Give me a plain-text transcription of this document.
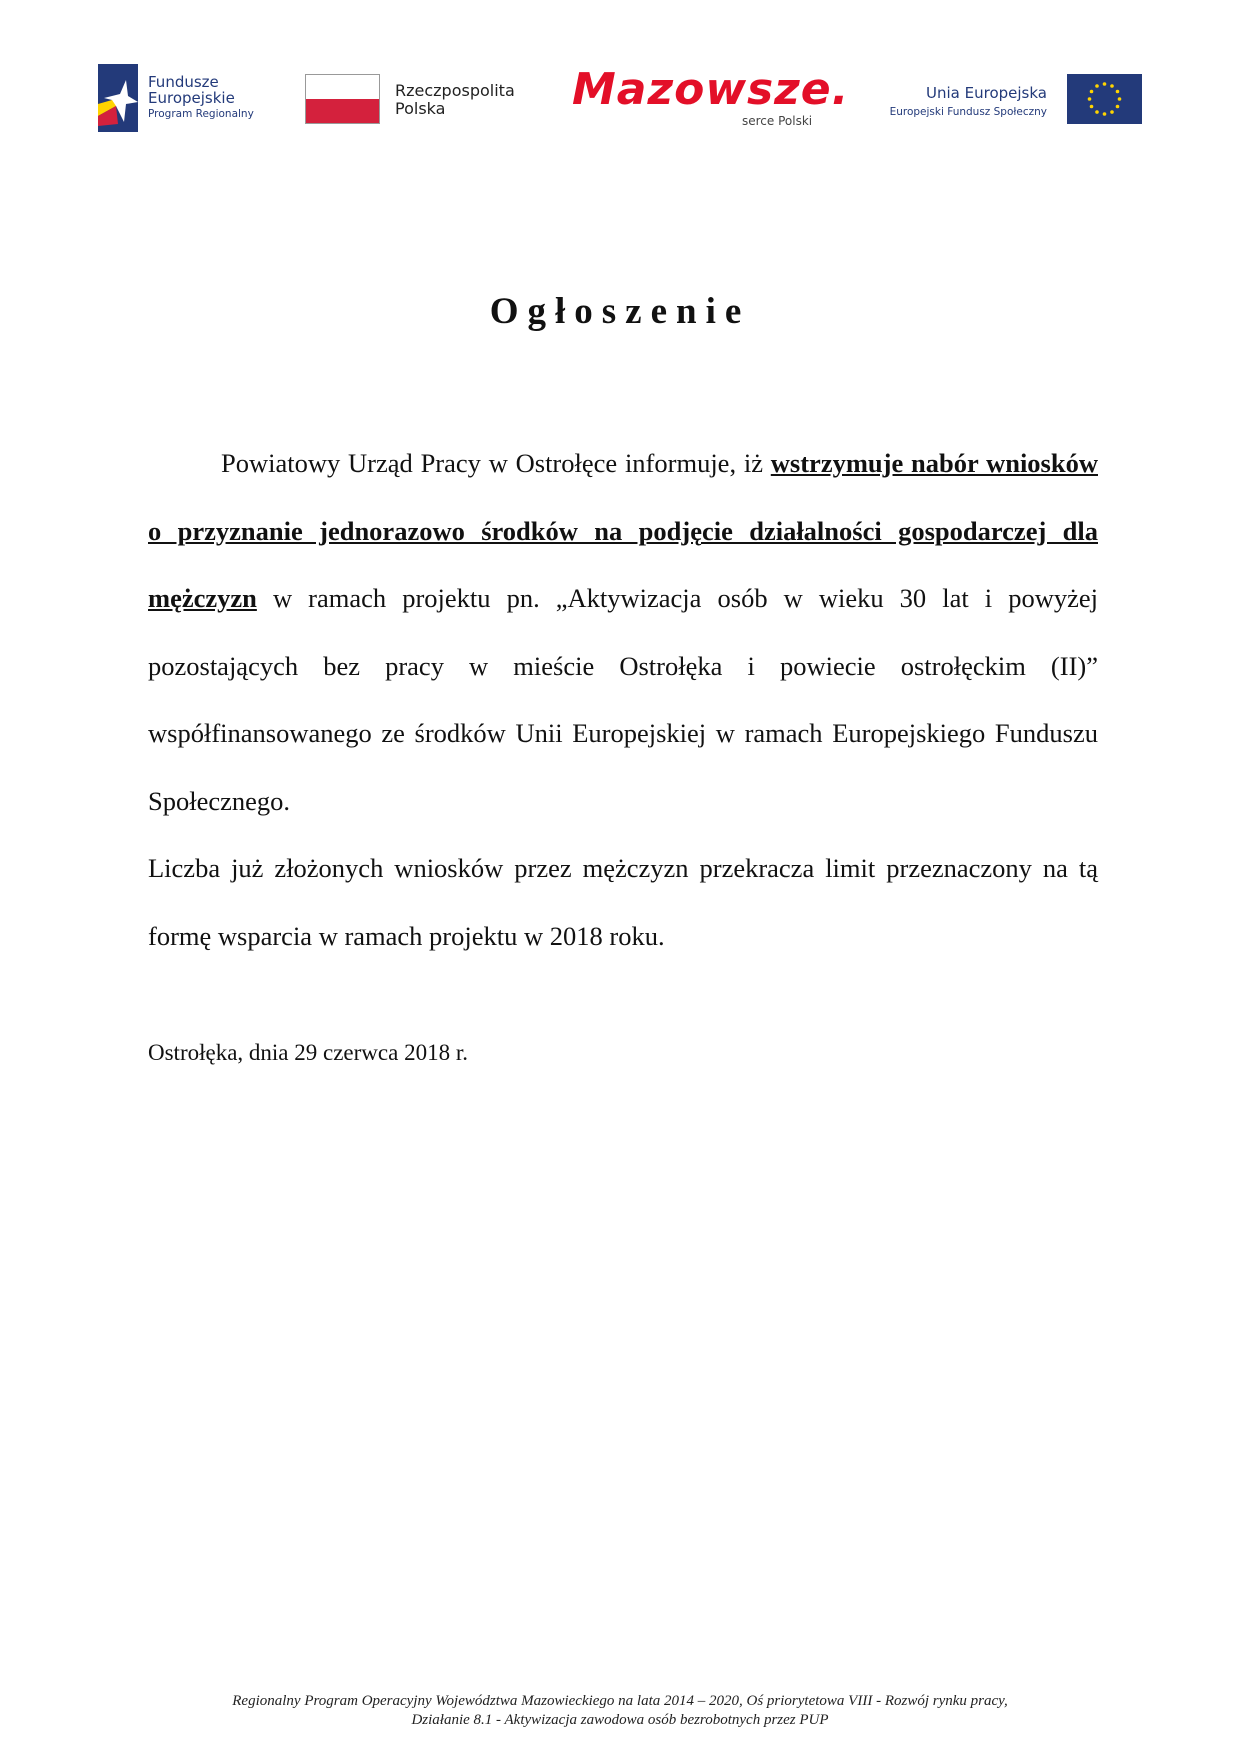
Fundusze
Europejskie
Program Regionalny
Rzeczpospolita
Polska	Mazowsze.
serce Polski
Unia Europejska
Europejski Fundusz Społeczny
Ogłoszenie

Powiatowy Urząd Pracy w Ostrołęce informuje, iż wstrzymuje nabór wniosków o przyznanie jednorazowo środków na podjęcie działalności gospodarczej dla mężczyzn w ramach projektu pn. „Aktywizacja osób w wieku 30 lat i powyżej pozostających bez pracy w mieście Ostrołęka i powiecie ostrołęckim (II)” współfinansowanego ze środków Unii Europejskiej w ramach Europejskiego Funduszu Społecznego.

Liczba już złożonych wniosków przez mężczyzn przekracza limit przeznaczony na tą formę wsparcia w ramach projektu w 2018 roku.

Ostrołęka, dnia 29 czerwca 2018 r.
Regionalny Program Operacyjny Województwa Mazowieckiego na lata 2014 – 2020, Oś priorytetowa VIII - Rozwój rynku pracy,
Działanie 8.1 - Aktywizacja zawodowa osób bezrobotnych przez PUP
